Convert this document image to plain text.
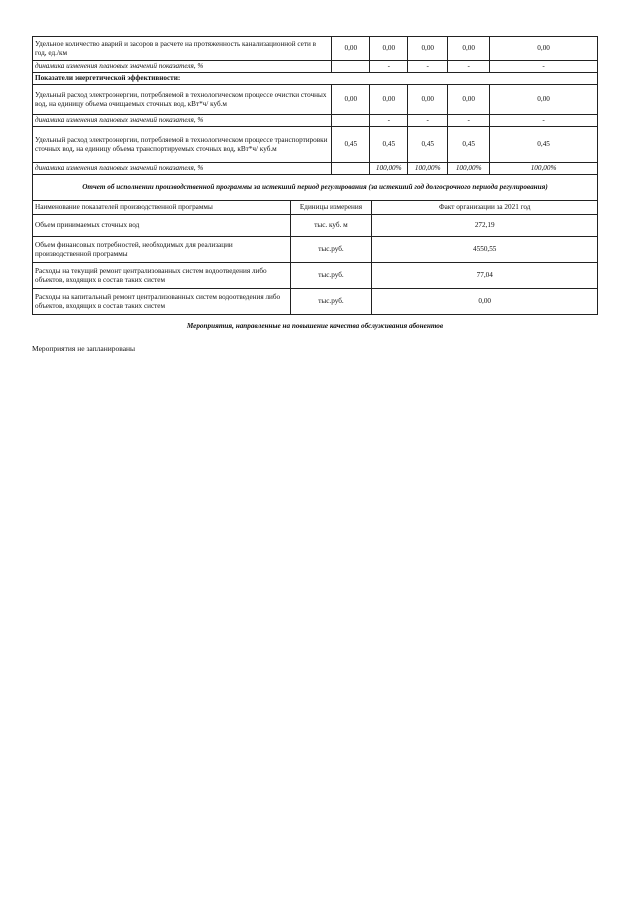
Удельное количество аварий и засоров в расчете на протяженность канализационной сети в год, ед./км	0,00	0,00	0,00	0,00	0,00
динамика изменения плановых значений показателя, %		-	-	-	-
Показатели энергетической эффективности:					
Удельный расход электроэнергии, потребляемой в технологическом процессе очистки сточных вод, на единицу объема очищаемых сточных вод, кВт*ч/ куб.м	0,00	0,00	0,00	0,00	0,00
динамика изменения плановых значений показателя, %		-	-	-	-
Удельный расход электроэнергии, потребляемой в технологическом процессе транспортировки сточных вод, на единицу объема транспортируемых сточных вод, кВт*ч/ куб.м	0,45	0,45	0,45	0,45	0,45
динамика изменения плановых значений показателя, %		100,00%	100,00%	100,00%	100,00%
Отчет об исполнении производственной программы за истекший период регулирования (за истекший год долгосрочного периода регулирования)					
Наименование показателей производственной программы	Единицы измерения	Факт организации за 2021 год
Объем принимаемых сточных вод	тыс. куб. м	272,19
Объем финансовых потребностей, необходимых для реализации производственной программы	тыс.руб.	4550,55
Расходы на текущий ремонт централизованных систем водоотведения либо объектов, входящих в состав таких систем	тыс.руб.	77,04
Расходы на капитальный ремонт централизованных систем водоотведения либо объектов, входящих в состав таких систем	тыс.руб.	0,00
Мероприятия, направленные на повышение качества обслуживания абонентов
Мероприятия не запланированы
